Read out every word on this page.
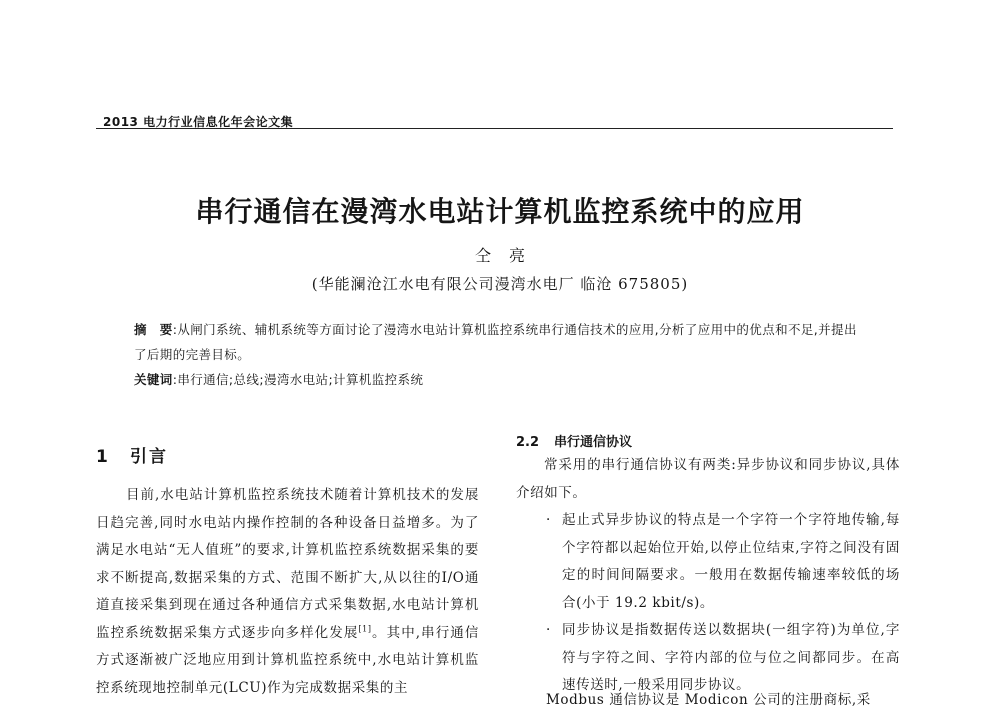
2013 电力行业信息化年会论文集
串行通信在漫湾水电站计算机监控系统中的应用
仝亮
(华能澜沧江水电有限公司漫湾水电厂 临沧 675805)
摘　要:从闸门系统、辅机系统等方面讨论了漫湾水电站计算机监控系统串行通信技术的应用,分析了应用中的优点和不足,并提出了后期的完善目标。
关键词:串行通信;总线;漫湾水电站;计算机监控系统
1 引言
目前,水电站计算机监控系统技术随着计算机技术的发展日趋完善,同时水电站内操作控制的各种设备日益增多。为了满足水电站“无人值班”的要求,计算机监控系统数据采集的要求不断提高,数据采集的方式、范围不断扩大,从以往的I/O通道直接采集到现在通过各种通信方式采集数据,水电站计算机监控系统数据采集方式逐步向多样化发展[1]。其中,串行通信方式逐渐被广泛地应用到计算机监控系统中,水电站计算机监控系统现地控制单元(LCU)作为完成数据采集的主
2.2 串行通信协议
常采用的串行通信协议有两类:异步协议和同步协议,具体介绍如下。
· 起止式异步协议的特点是一个字符一个字符地传输,每个字符都以起始位开始,以停止位结束,字符之间没有固定的时间间隔要求。一般用在数据传输速率较低的场合(小于 19.2 kbit/s)。
· 同步协议是指数据传送以数据块(一组字符)为单位,字符与字符之间、字符内部的位与位之间都同步。在高速传送时,一般采用同步协议。
Modbus 通信协议是 Modicon 公司的注册商标,采
